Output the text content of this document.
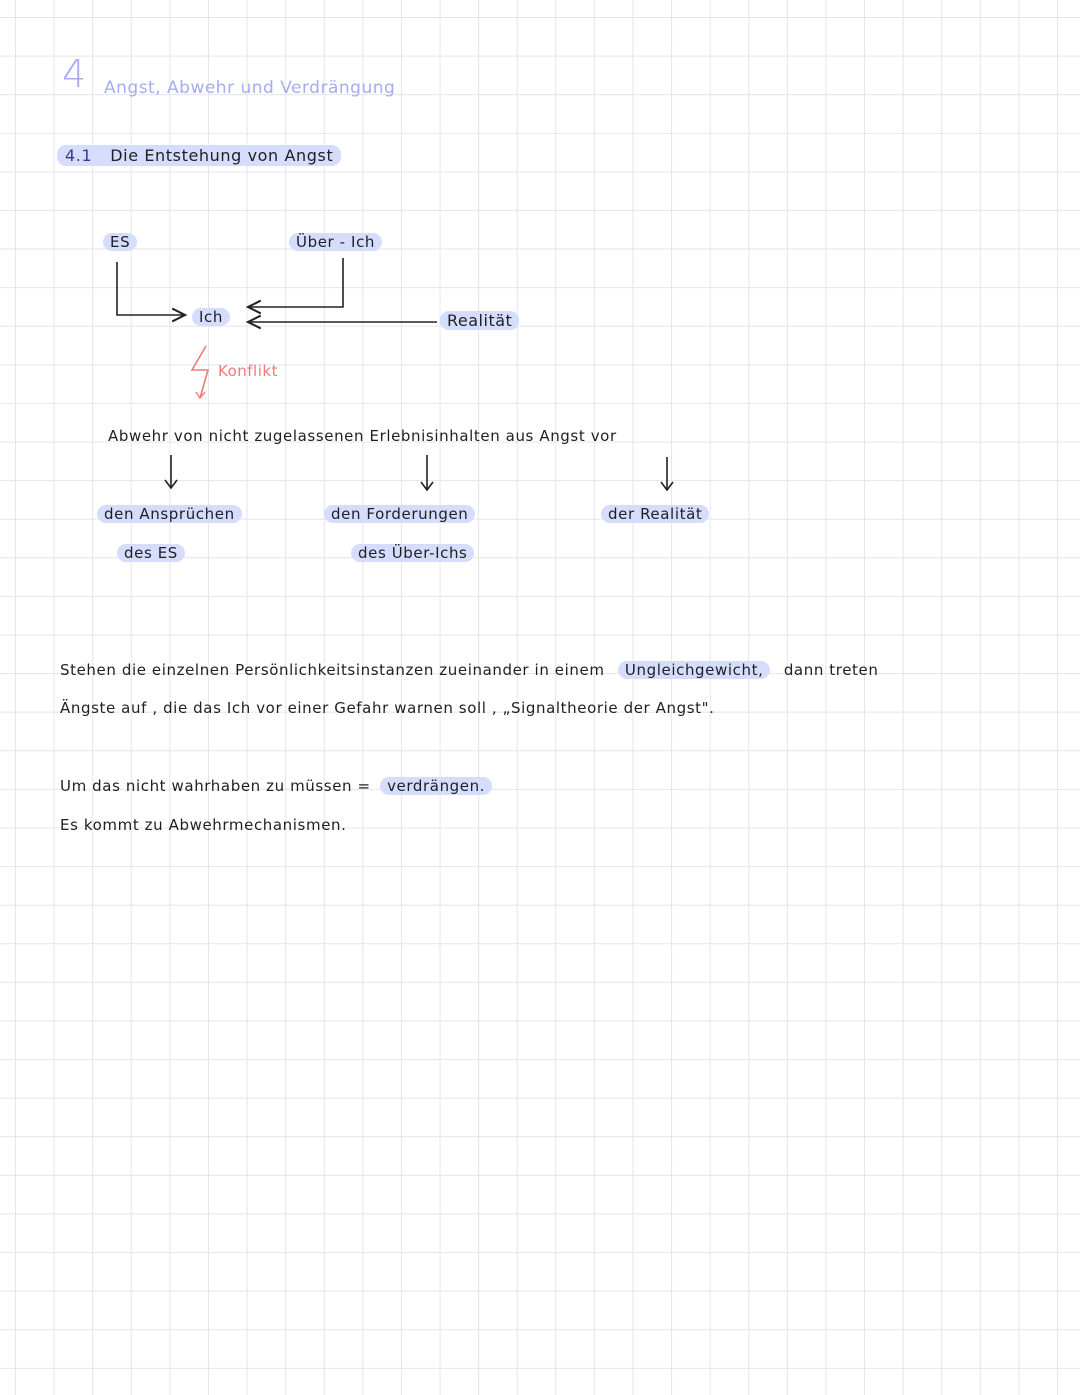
4 Angst, Abwehr und Verdrängung
4.1 Die Entstehung von Angst
ES	Über - Ich
Ich	Realität
Konflikt
Abwehr von nicht zugelassenen Erlebnisinhalten aus Angst vor
den Ansprüchen
des ES
den Forderungen
des Über-Ichs
der Realität
Stehen die einzelnen Persönlichkeitsinstanzen zueinander in einem Ungleichgewicht, dann treten
Ängste auf , die das Ich vor einer Gefahr warnen soll , „Signaltheorie der Angst".
Um das nicht wahrhaben zu müssen = verdrängen.
Es kommt zu Abwehrmechanismen.
